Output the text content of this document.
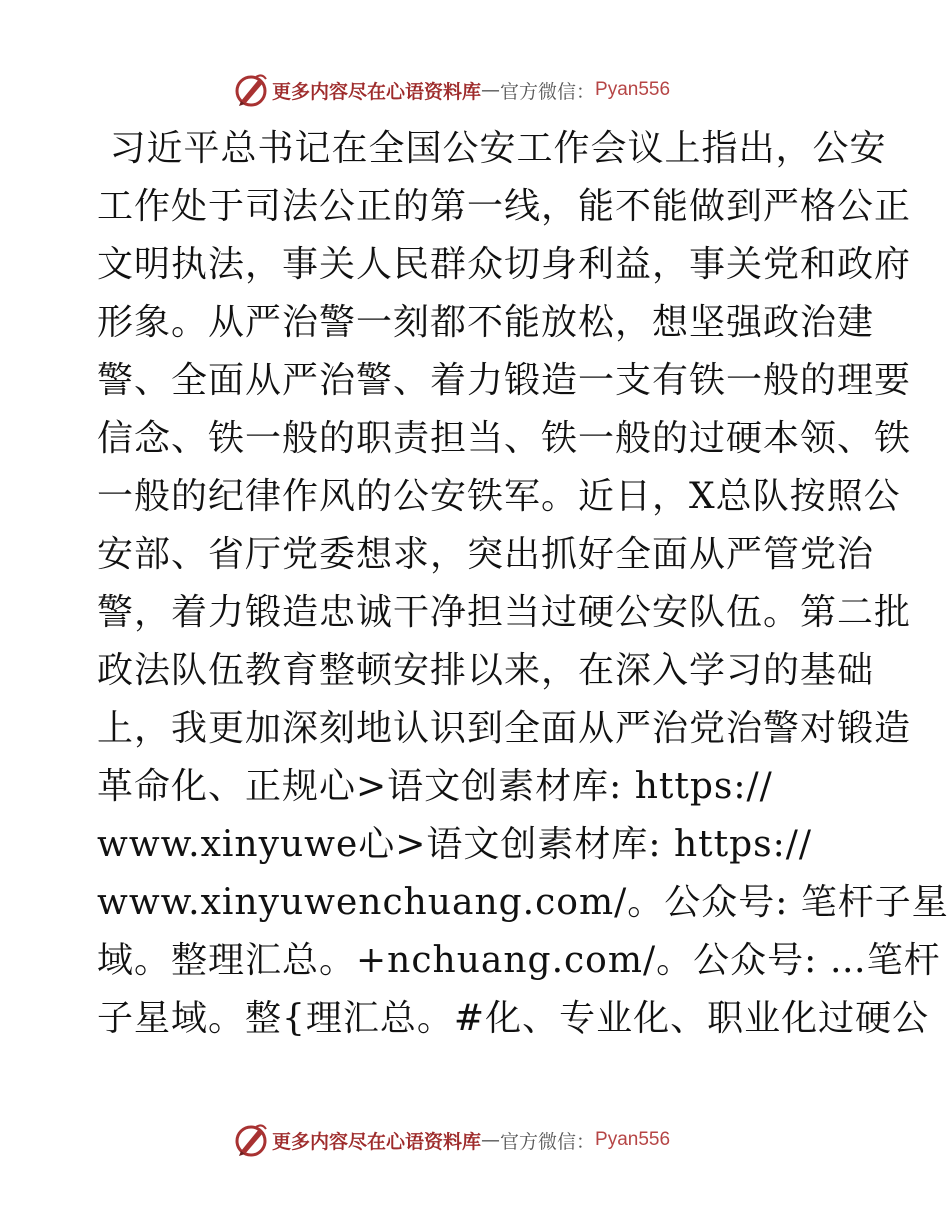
更多内容尽在心语资料库 — 官方微信： Pyan556
习近平总书记在全国公安工作会议上指出，公安
工作处于司法公正的第一线，能不能做到严格公正
文明执法，事关人民群众切身利益，事关党和政府
形象。从严治警一刻都不能放松，想坚强政治建
警、全面从严治警、着力锻造一支有铁一般的理要
信念、铁一般的职责担当、铁一般的过硬本领、铁
一般的纪律作风的公安铁军。近日，X总队按照公
安部、省厅党委想求，突出抓好全面从严管党治
警，着力锻造忠诚干净担当过硬公安队伍。第二批
政法队伍教育整顿安排以来，在深入学习的基础
上，我更加深刻地认识到全面从严治党治警对锻造
革命化、正规心>语文创素材库: https://
www.xinyuwe心>语文创素材库: https://
www.xinyuwenchuang.com/。公众号: 笔杆子星
域。整理汇总。+nchuang.com/。公众号: …笔杆
子星域。整{理汇总。#化、专业化、职业化过硬公
更多内容尽在心语资料库 — 官方微信： Pyan556
